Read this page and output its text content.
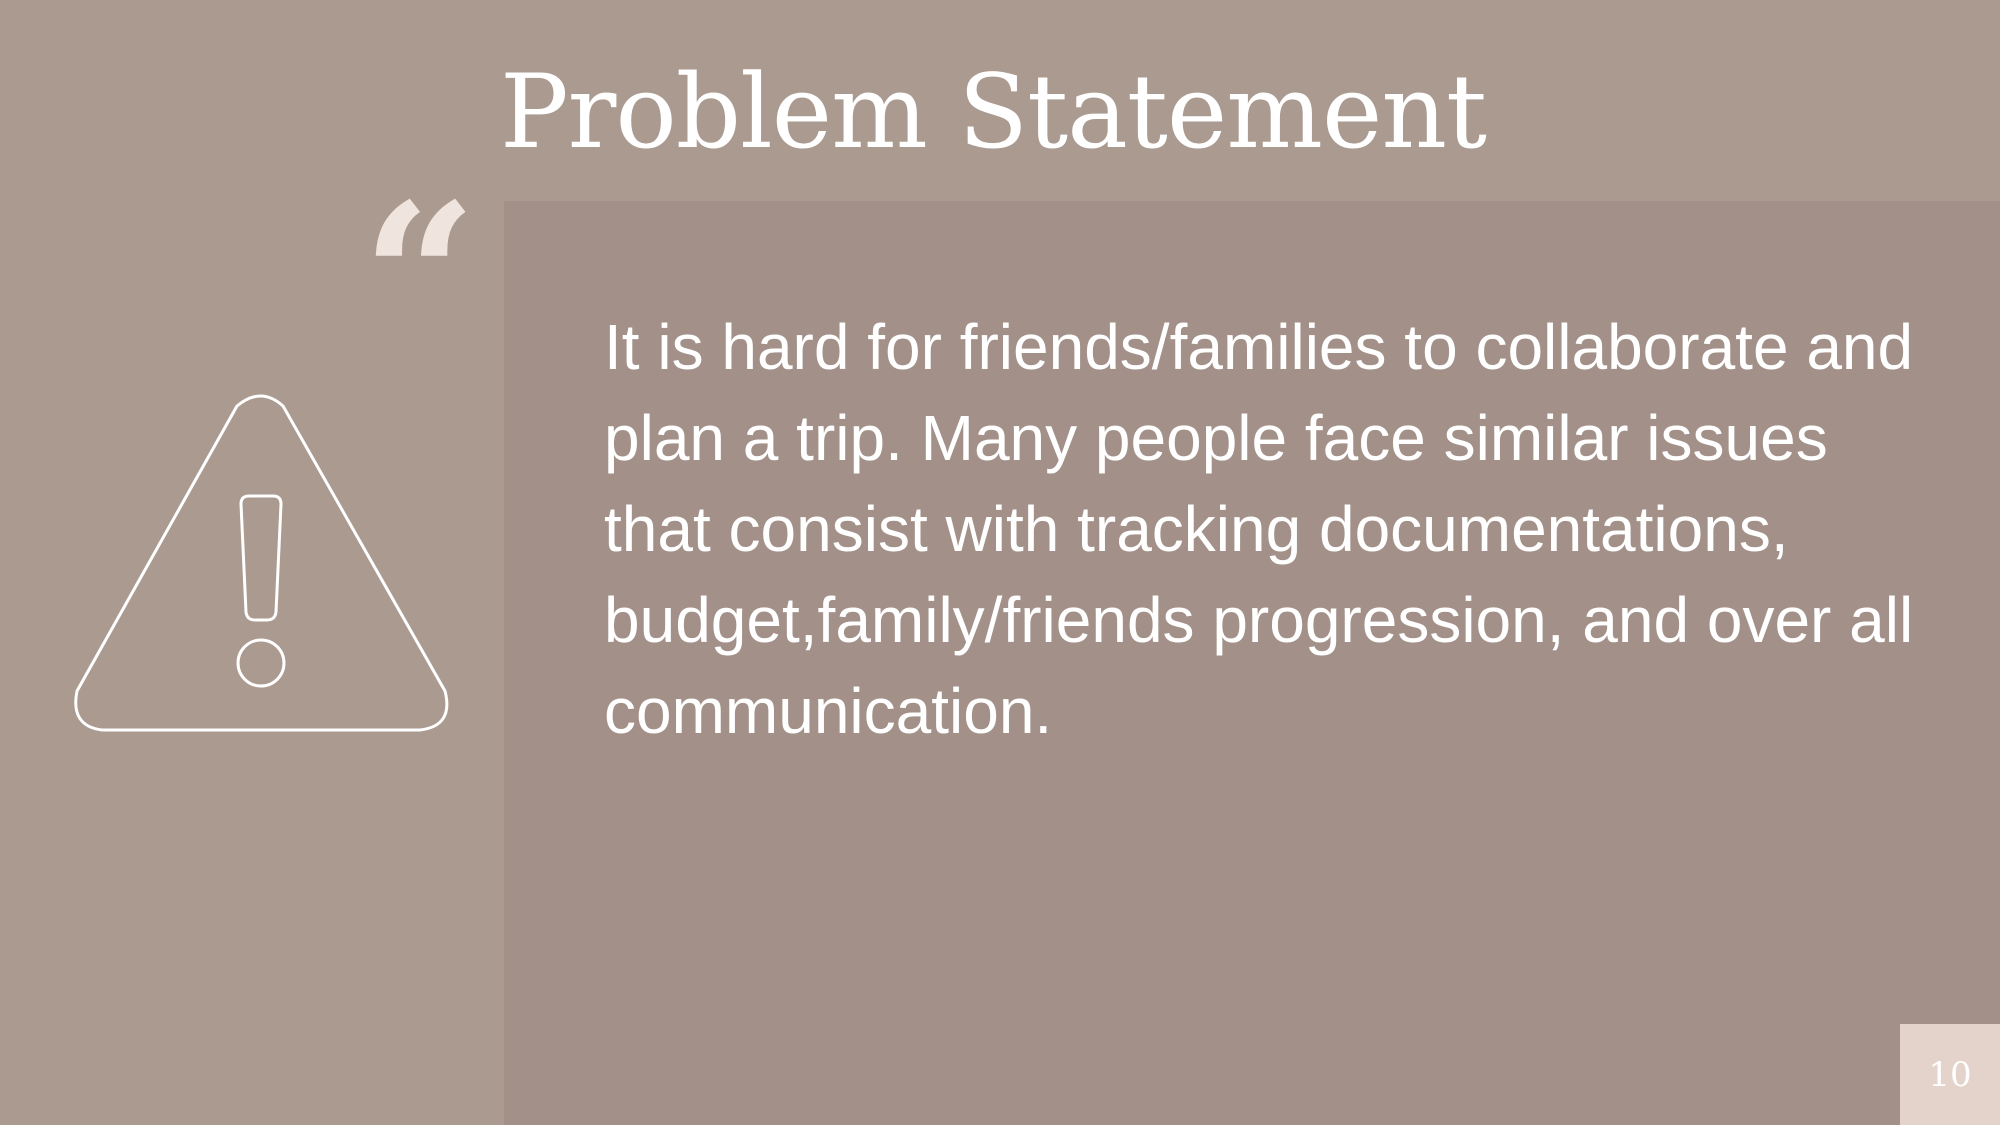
Problem Statement
“ It is hard for friends/families to collaborate and plan a trip. Many people face similar issues that consist with tracking documentations, budget,family/friends progression, and over all communication.

10
